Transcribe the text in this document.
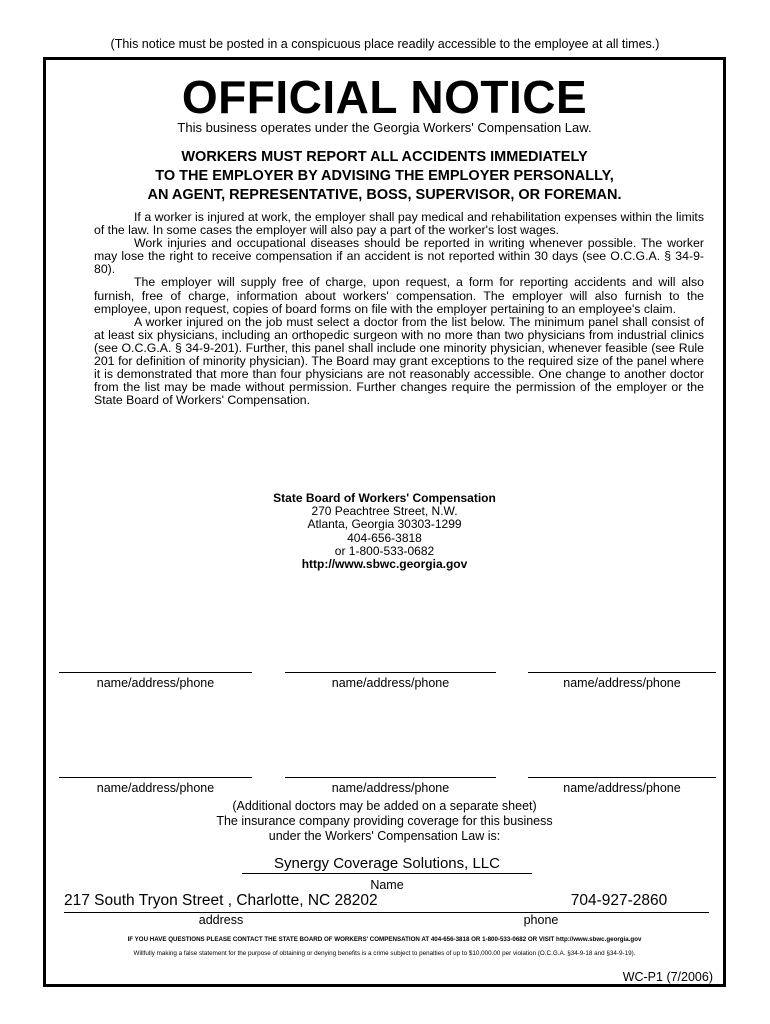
(This notice must be posted in a conspicuous place readily accessible to the employee at all times.)
OFFICIAL NOTICE
This business operates under the Georgia Workers' Compensation Law.
WORKERS MUST REPORT ALL ACCIDENTS IMMEDIATELY
TO THE EMPLOYER BY ADVISING THE EMPLOYER PERSONALLY,
AN AGENT, REPRESENTATIVE, BOSS, SUPERVISOR, OR FOREMAN.

If a worker is injured at work, the employer shall pay medical and rehabilitation expenses within the limits of the law. In some cases the employer will also pay a part of the worker's lost wages.

Work injuries and occupational diseases should be reported in writing whenever possible. The worker may lose the right to receive compensation if an accident is not reported within 30 days (see O.C.G.A. § 34-9-80).

The employer will supply free of charge, upon request, a form for reporting accidents and will also furnish, free of charge, information about workers' compensation. The employer will also furnish to the employee, upon request, copies of board forms on file with the employer pertaining to an employee's claim.

A worker injured on the job must select a doctor from the list below. The minimum panel shall consist of at least six physicians, including an orthopedic surgeon with no more than two physicians from industrial clinics (see O.C.G.A. § 34-9-201). Further, this panel shall include one minority physician, whenever feasible (see Rule 201 for definition of minority physician). The Board may grant exceptions to the required size of the panel where it is demonstrated that more than four physicians are not reasonably accessible. One change to another doctor from the list may be made without permission. Further changes require the permission of the employer or the State Board of Workers' Compensation.

State Board of Workers' Compensation
270 Peachtree Street, N.W.
Atlanta, Georgia 30303-1299
404-656-3818
or 1-800-533-0682
http://www.sbwc.georgia.gov
name/address/phone	name/address/phone	name/address/phone
name/address/phone	name/address/phone	name/address/phone
(Additional doctors may be added on a separate sheet)
The insurance company providing coverage for this business
under the Workers' Compensation Law is:
Synergy Coverage Solutions, LLC
Name
217 South Tryon Street , Charlotte, NC 28202	704-927-2860
address	phone
IF YOU HAVE QUESTIONS PLEASE CONTACT THE STATE BOARD OF WORKERS' COMPENSATION AT 404-656-3818 OR 1-800-533-0682 OR VISIT http://www.sbwc.georgia.gov
Willfully making a false statement for the purpose of obtaining or denying benefits is a crime subject to penalties of up to $10,000.00 per violation (O.C.G.A. §34-9-18 and §34-9-19).
WC-P1 (7/2006)
